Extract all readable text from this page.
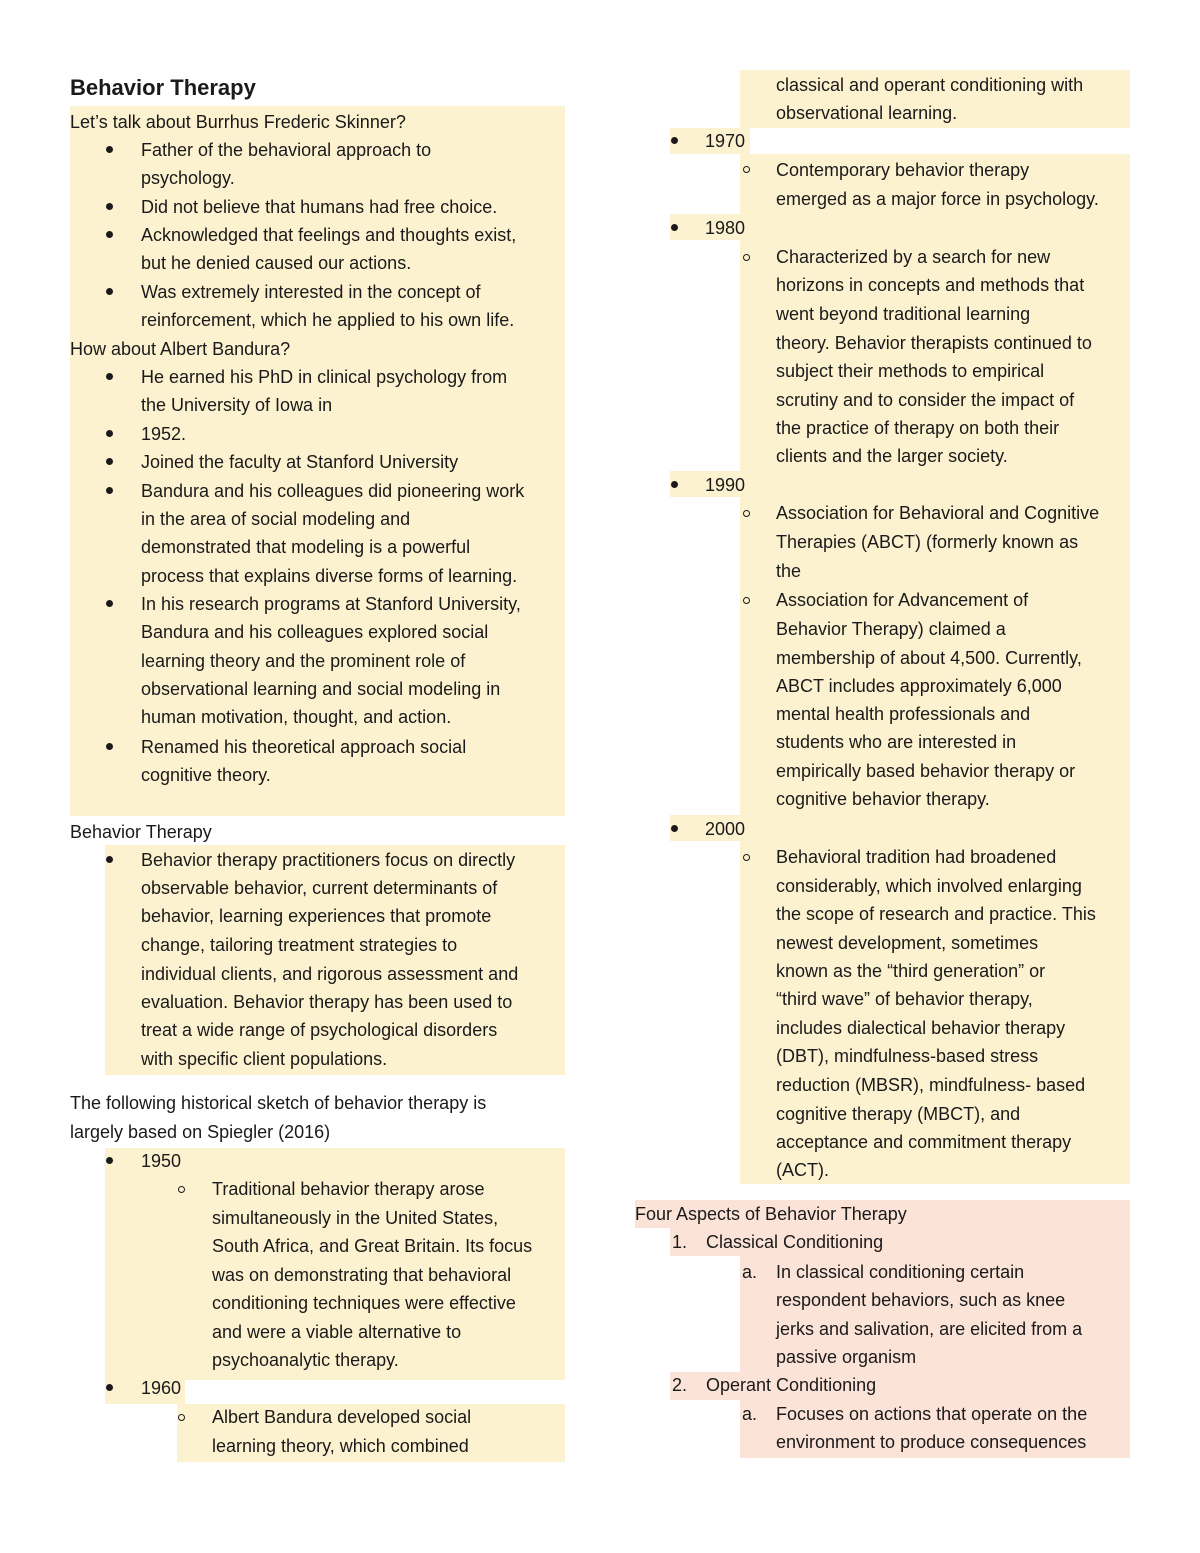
Behavior Therapy
Let’s talk about Burrhus Frederic Skinner?
Father of the behavioral approach to
psychology.
Did not believe that humans had free choice.
Acknowledged that feelings and thoughts exist,
but he denied caused our actions.
Was extremely interested in the concept of
reinforcement, which he applied to his own life.
How about Albert Bandura?
He earned his PhD in clinical psychology from
the University of Iowa in
1952.
Joined the faculty at Stanford University
Bandura and his colleagues did pioneering work
in the area of social modeling and
demonstrated that modeling is a powerful
process that explains diverse forms of learning.
In his research programs at Stanford University,
Bandura and his colleagues explored social
learning theory and the prominent role of
observational learning and social modeling in
human motivation, thought, and action.
Renamed his theoretical approach social
cognitive theory.
Behavior Therapy
Behavior therapy practitioners focus on directly
observable behavior, current determinants of
behavior, learning experiences that promote
change, tailoring treatment strategies to
individual clients, and rigorous assessment and
evaluation. Behavior therapy has been used to
treat a wide range of psychological disorders
with specific client populations.
The following historical sketch of behavior therapy is
largely based on Spiegler (2016)
1950
Traditional behavior therapy arose
simultaneously in the United States,
South Africa, and Great Britain. Its focus
was on demonstrating that behavioral
conditioning techniques were effective
and were a viable alternative to
psychoanalytic therapy.
1960
Albert Bandura developed social
learning theory, which combined
classical and operant conditioning with
observational learning.
1970
Contemporary behavior therapy
emerged as a major force in psychology.
1980
Characterized by a search for new
horizons in concepts and methods that
went beyond traditional learning
theory. Behavior therapists continued to
subject their methods to empirical
scrutiny and to consider the impact of
the practice of therapy on both their
clients and the larger society.
1990
Association for Behavioral and Cognitive
Therapies (ABCT) (formerly known as
the
Association for Advancement of
Behavior Therapy) claimed a
membership of about 4,500. Currently,
ABCT includes approximately 6,000
mental health professionals and
students who are interested in
empirically based behavior therapy or
cognitive behavior therapy.
2000
Behavioral tradition had broadened
considerably, which involved enlarging
the scope of research and practice. This
newest development, sometimes
known as the “third generation” or
“third wave” of behavior therapy,
includes dialectical behavior therapy
(DBT), mindfulness-based stress
reduction (MBSR), mindfulness- based
cognitive therapy (MBCT), and
acceptance and commitment therapy
(ACT).
Four Aspects of Behavior Therapy
1. Classical Conditioning
a. In classical conditioning certain
respondent behaviors, such as knee
jerks and salivation, are elicited from a
passive organism
2. Operant Conditioning
a. Focuses on actions that operate on the
environment to produce consequences
